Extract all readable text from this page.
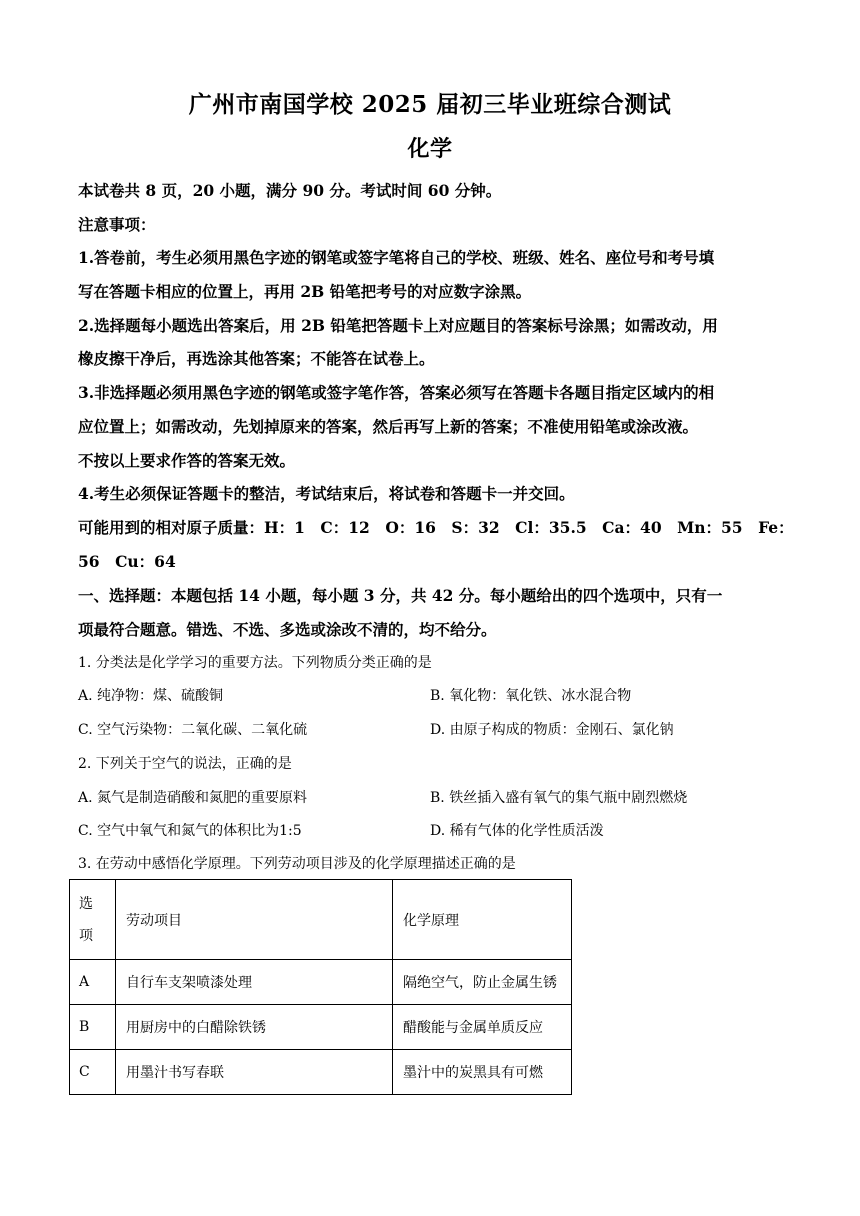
广州市南国学校 2025 届初三毕业班综合测试
化学
本试卷共 8 页，20 小题，满分 90 分。考试时间 60 分钟。
注意事项：
1.答卷前，考生必须用黑色字迹的钢笔或签字笔将自己的学校、班级、姓名、座位号和考号填
写在答题卡相应的位置上，再用 2B 铅笔把考号的对应数字涂黑。
2.选择题每小题选出答案后，用 2B 铅笔把答题卡上对应题目的答案标号涂黑；如需改动，用
橡皮擦干净后，再选涂其他答案；不能答在试卷上。
3.非选择题必须用黑色字迹的钢笔或签字笔作答，答案必须写在答题卡各题目指定区域内的相
应位置上；如需改动，先划掉原来的答案，然后再写上新的答案；不准使用铅笔或涂改液。
不按以上要求作答的答案无效。
4.考生必须保证答题卡的整洁，考试结束后，将试卷和答题卡一并交回。
可能用到的相对原子质量：H：1　C：12　O：16　S：32　Cl：35.5　Ca：40　Mn：55　Fe：
56　Cu：64
一、选择题：本题包括 14 小题，每小题 3 分，共 42 分。每小题给出的四个选项中，只有一
项最符合题意。错选、不选、多选或涂改不清的，均不给分。
1. 分类法是化学学习的重要方法。下列物质分类正确的是
A. 纯净物：煤、硫酸铜	B. 氧化物：氧化铁、冰水混合物
C. 空气污染物：二氧化碳、二氧化硫	D. 由原子构成的物质：金刚石、氯化钠
2. 下列关于空气的说法，正确的是
A. 氮气是制造硝酸和氮肥的重要原料	B. 铁丝插入盛有氧气的集气瓶中剧烈燃烧
C. 空气中氧气和氮气的体积比为1:5	D. 稀有气体的化学性质活泼
3. 在劳动中感悟化学原理。下列劳动项目涉及的化学原理描述正确的是
选
项	劳动项目	化学原理
A	自行车支架喷漆处理	隔绝空气，防止金属生锈
B	用厨房中的白醋除铁锈	醋酸能与金属单质反应
C	用墨汁书写春联	墨汁中的炭黑具有可燃
